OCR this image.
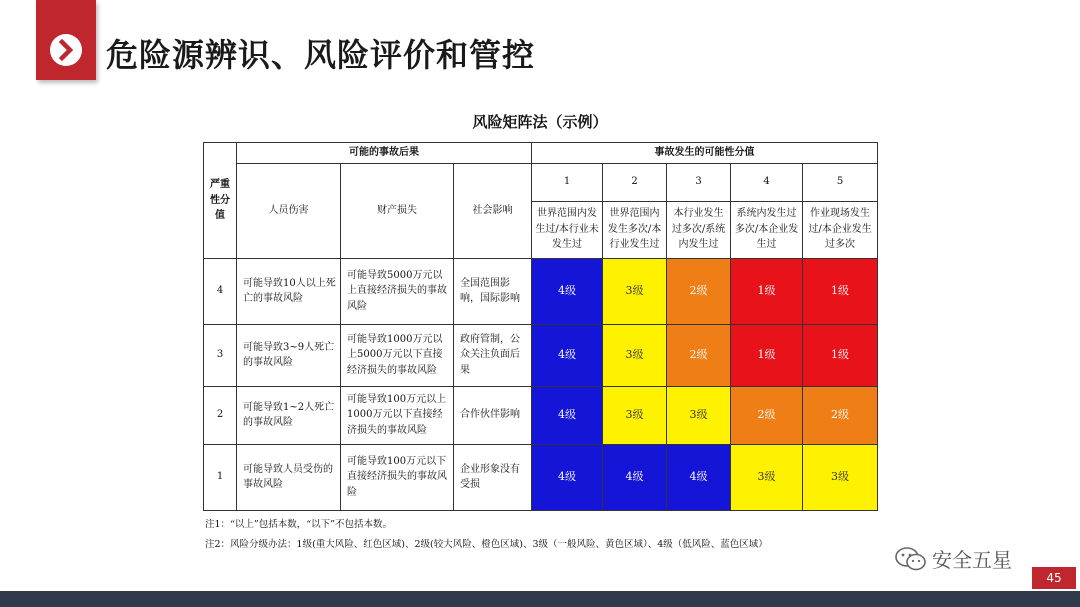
危险源辨识、风险评价和管控
风险矩阵法（示例）
严重性分值	可能的事故后果			事故发生的可能性分值				
	人员伤害	财产损失	社会影响	1	2	3	4	5
				世界范围内发生过/本行业未发生过	世界范围内发生多次/本行业发生过	本行业发生过多次/系统内发生过	系统内发生过多次/本企业发生过	作业现场发生过/本企业发生过多次
4	可能导致10人以上死亡的事故风险	可能导致5000万元以上直接经济损失的事故风险	全国范围影响，国际影响	4级	3级	2级	1级	1级
3	可能导致3~9人死亡的事故风险	可能导致1000万元以上5000万元以下直接经济损失的事故风险	政府管制，公众关注负面后果	4级	3级	2级	1级	1级
2	可能导致1~2人死亡的事故风险	可能导致100万元以上1000万元以下直接经济损失的事故风险	合作伙伴影响	4级	3级	3级	2级	2级
1	可能导致人员受伤的事故风险	可能导致100万元以下直接经济损失的事故风险	企业形象没有受损	4级	4级	4级	3级	3级
注1：“以上”包括本数，“以下”不包括本数。
注2：风险分级办法：1级(重大风险、红色区域)、2级(较大风险、橙色区域)、3级（一般风险、黄色区域）、4级（低风险、蓝色区域）
安全五星
45
